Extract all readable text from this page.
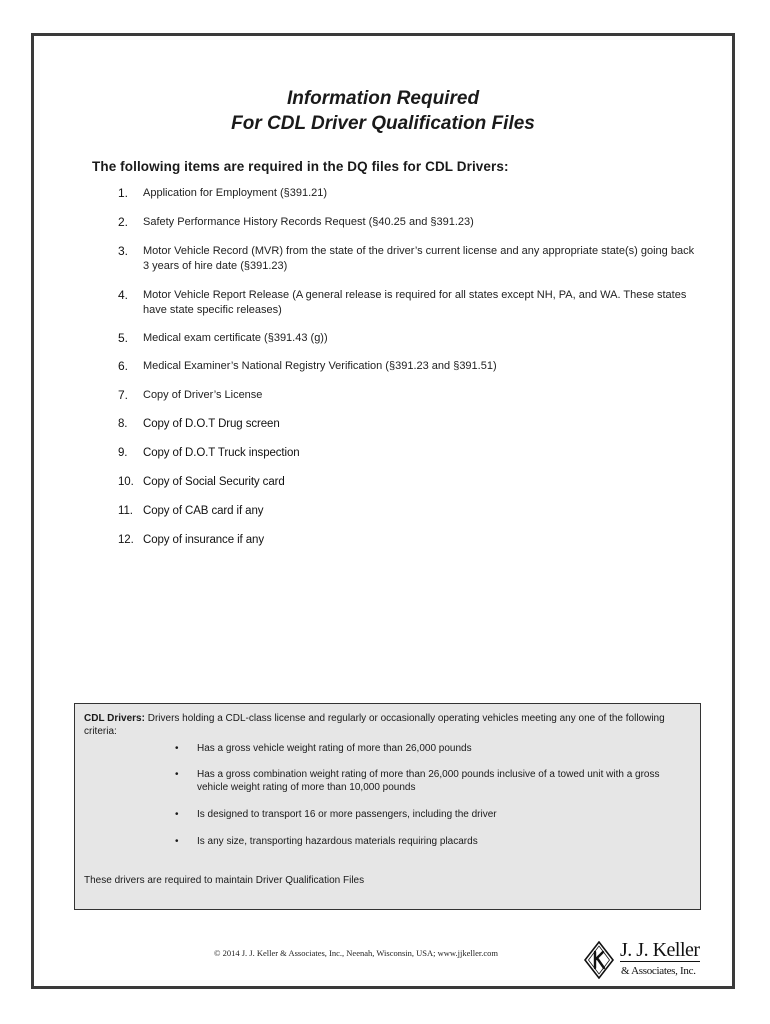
Information Required
For CDL Driver Qualification Files
The following items are required in the DQ files for CDL Drivers:
1.	Application for Employment (§391.21)
2.	Safety Performance History Records Request (§40.25 and §391.23)
3.	Motor Vehicle Record (MVR) from the state of the driver’s current license and any appropriate state(s) going back 3 years of hire date (§391.23)
4.	Motor Vehicle Report Release (A general release is required for all states except NH, PA, and WA. These states have state specific releases)
5.	Medical exam certificate (§391.43 (g))
6.	Medical Examiner’s National Registry Verification (§391.23 and §391.51)
7.	Copy of Driver’s License
8.	Copy of D.O.T Drug screen
9.	Copy of D.O.T Truck inspection
10. Copy of Social Security card
11. Copy of CAB card if any
12. Copy of insurance if any
CDL Drivers: Drivers holding a CDL-class license and regularly or occasionally operating vehicles meeting any one of the following criteria:
• Has a gross vehicle weight rating of more than 26,000 pounds
• Has a gross combination weight rating of more than 26,000 pounds inclusive of a towed unit with a gross vehicle weight rating of more than 10,000 pounds
• Is designed to transport 16 or more passengers, including the driver
• Is any size, transporting hazardous materials requiring placards
These drivers are required to maintain Driver Qualification Files
© 2014 J. J. Keller & Associates, Inc., Neenah, Wisconsin, USA; www.jjkeller.com	J. J. Keller
& Associates, Inc.
